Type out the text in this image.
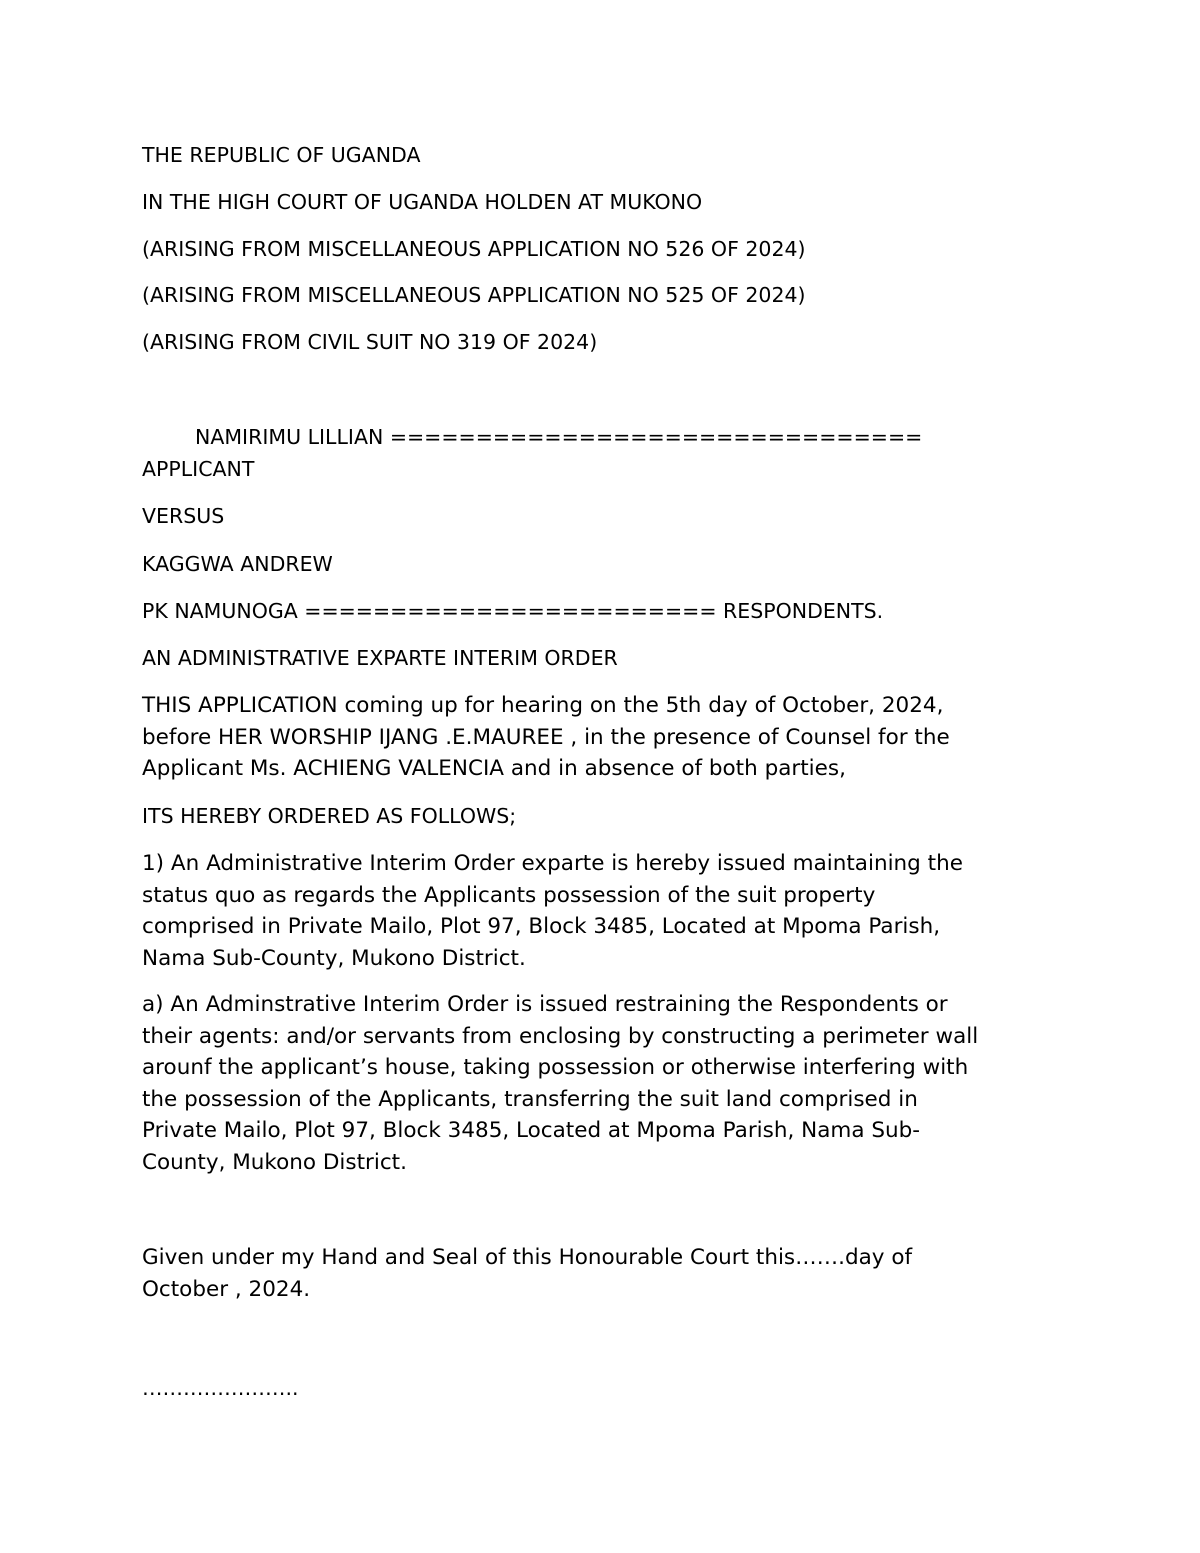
THE REPUBLIC OF UGANDA

IN THE HIGH COURT OF UGANDA HOLDEN AT MUKONO

(ARISING FROM MISCELLANEOUS APPLICATION NO 526 OF 2024)

(ARISING FROM MISCELLANEOUS APPLICATION NO 525 OF 2024)

(ARISING FROM CIVIL SUIT NO 319 OF 2024)

NAMIRIMU LILLIAN ===============================

APPLICANT

VERSUS

KAGGWA ANDREW

PK NAMUNOGA ======================== RESPONDENTS.

AN ADMINISTRATIVE EXPARTE INTERIM ORDER

THIS APPLICATION coming up for hearing on the 5th day of October, 2024,
before HER WORSHIP IJANG .E.MAUREE , in the presence of Counsel for the
Applicant Ms. ACHIENG VALENCIA and in absence of both parties,

ITS HEREBY ORDERED AS FOLLOWS;

1) An Administrative Interim Order exparte is hereby issued maintaining the
status quo as regards the Applicants possession of the suit property
comprised in Private Mailo, Plot 97, Block 3485, Located at Mpoma Parish,
Nama Sub-County, Mukono District.

a) An Adminstrative Interim Order is issued restraining the Respondents or
their agents: and/or servants from enclosing by constructing a perimeter wall
arounf the applicant’s house, taking possession or otherwise interfering with
the possession of the Applicants, transferring the suit land comprised in
Private Mailo, Plot 97, Block 3485, Located at Mpoma Parish, Nama Sub-
County, Mukono District.

Given under my Hand and Seal of this Honourable Court this…….day of
October , 2024.

…………………..
